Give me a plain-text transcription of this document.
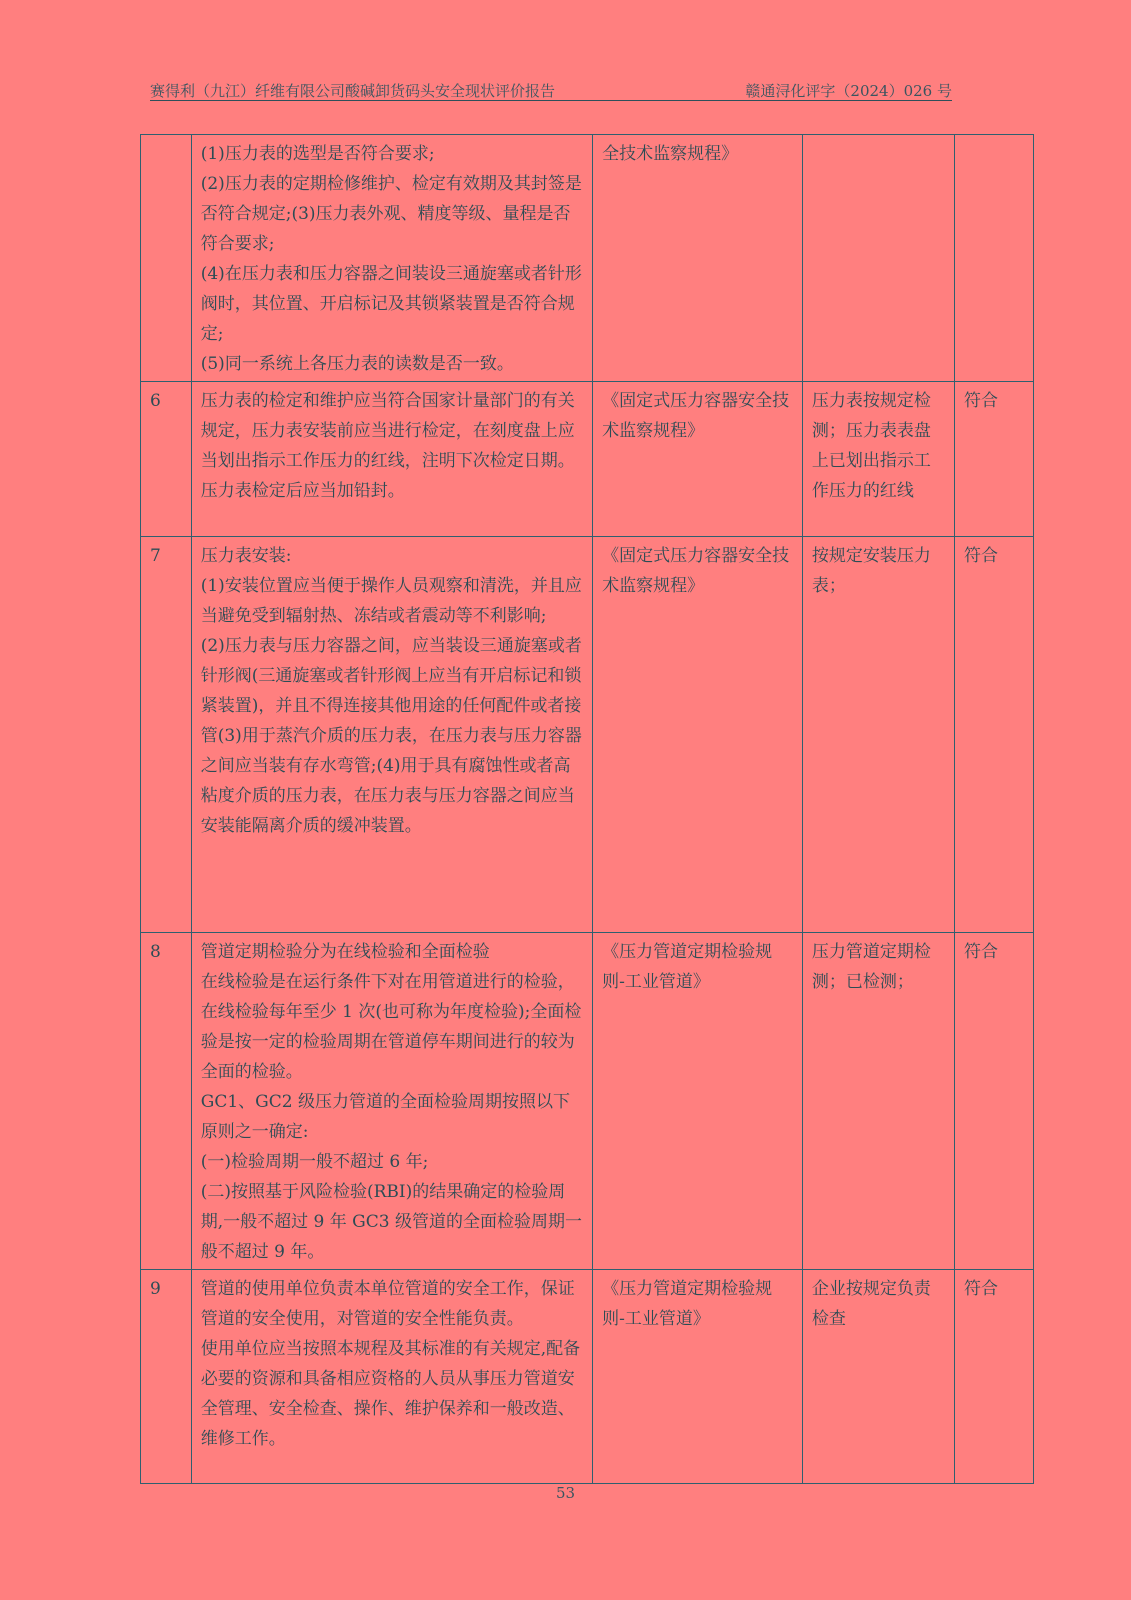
赛得利（九江）纤维有限公司酸碱卸货码头安全现状评价报告	赣通浔化评字（2024）026 号

	(1)压力表的选型是否符合要求;
(2)压力表的定期检修维护、检定有效期及其封签是否符合规定;(3)压力表外观、精度等级、量程是否符合要求;
(4)在压力表和压力容器之间装设三通旋塞或者针形阀时，其位置、开启标记及其锁紧装置是否符合规定;
(5)同一系统上各压力表的读数是否一致。	全技术监察规程》		
6	压力表的检定和维护应当符合国家计量部门的有关规定，压力表安装前应当进行检定，在刻度盘上应当划出指示工作压力的红线，注明下次检定日期。压力表检定后应当加铅封。	《固定式压力容器安全技术监察规程》	压力表按规定检测；压力表表盘上已划出指示工作压力的红线	符合
7	压力表安装:
(1)安装位置应当便于操作人员观察和清洗，并且应当避免受到辐射热、冻结或者震动等不利影响;
(2)压力表与压力容器之间，应当装设三通旋塞或者针形阀(三通旋塞或者针形阀上应当有开启标记和锁紧装置)，并且不得连接其他用途的任何配件或者接管(3)用于蒸汽介质的压力表，在压力表与压力容器之间应当装有存水弯管;(4)用于具有腐蚀性或者高粘度介质的压力表，在压力表与压力容器之间应当安装能隔离介质的缓冲装置。	《固定式压力容器安全技术监察规程》	按规定安装压力表；	符合
8	管道定期检验分为在线检验和全面检验
在线检验是在运行条件下对在用管道进行的检验，在线检验每年至少 1 次(也可称为年度检验);全面检验是按一定的检验周期在管道停车期间进行的较为全面的检验。
GC1、GC2 级压力管道的全面检验周期按照以下原则之一确定:
(一)检验周期一般不超过 6 年;
(二)按照基于风险检验(RBI)的结果确定的检验周期,一般不超过 9 年 GC3 级管道的全面检验周期一般不超过 9 年。	《压力管道定期检验规则-工业管道》	压力管道定期检测；已检测；	符合
9	管道的使用单位负责本单位管道的安全工作，保证管道的安全使用，对管道的安全性能负责。
使用单位应当按照本规程及其标准的有关规定,配备必要的资源和具备相应资格的人员从事压力管道安全管理、安全检查、操作、维护保养和一般改造、维修工作。	《压力管道定期检验规则-工业管道》	企业按规定负责检查	符合
53
